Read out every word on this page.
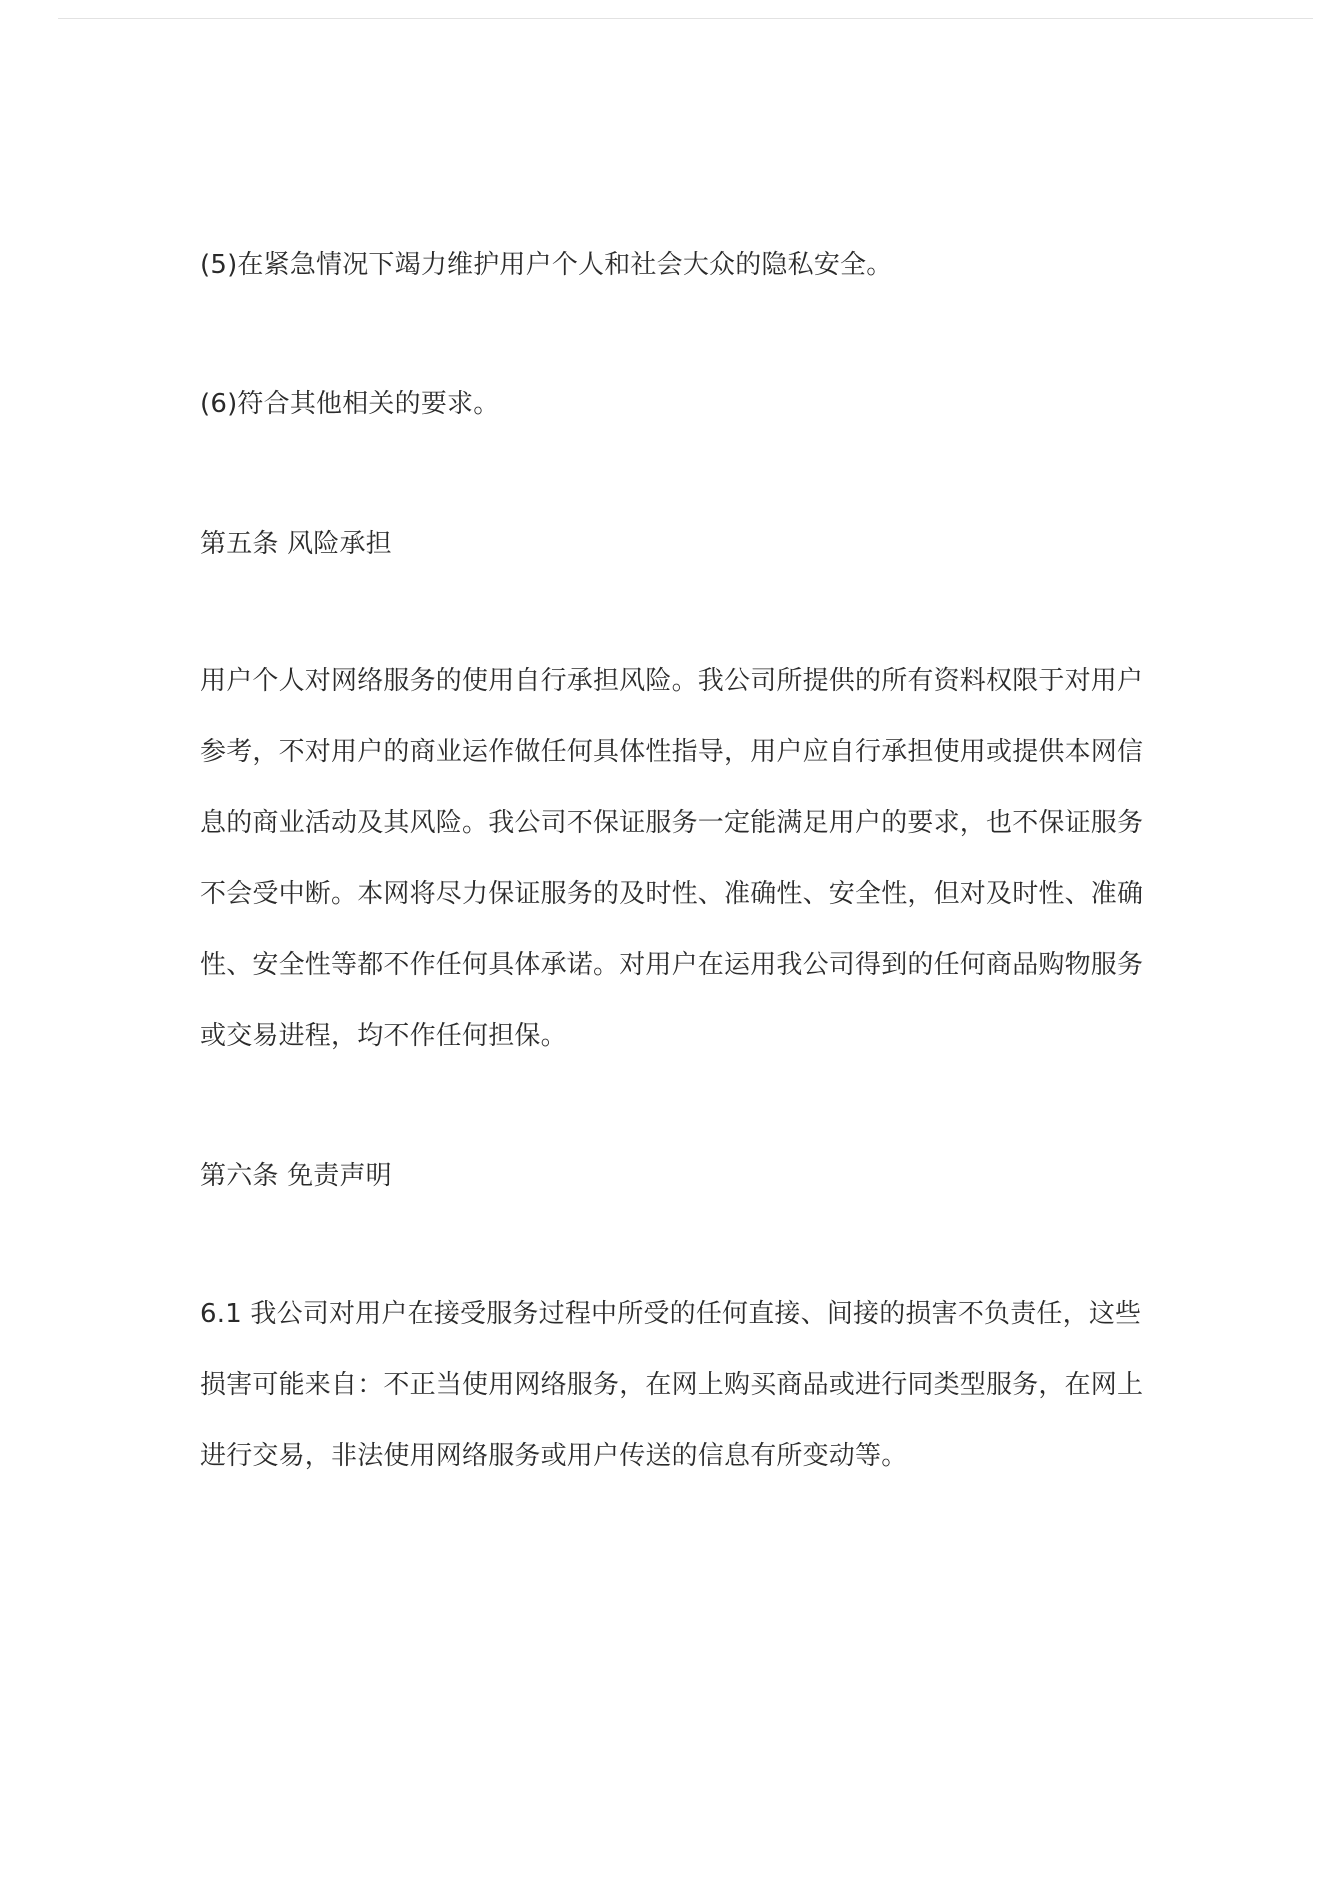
(5)在紧急情况下竭力维护用户个人和社会大众的隐私安全。

(6)符合其他相关的要求。

第五条 风险承担

用户个人对网络服务的使用自行承担风险。我公司所提供的所有资料权限于对用户
参考，不对用户的商业运作做任何具体性指导，用户应自行承担使用或提供本网信
息的商业活动及其风险。我公司不保证服务一定能满足用户的要求，也不保证服务
不会受中断。本网将尽力保证服务的及时性、准确性、安全性，但对及时性、准确
性、安全性等都不作任何具体承诺。对用户在运用我公司得到的任何商品购物服务
或交易进程，均不作任何担保。

第六条 免责声明

6.1 我公司对用户在接受服务过程中所受的任何直接、间接的损害不负责任，这些
损害可能来自：不正当使用网络服务，在网上购买商品或进行同类型服务，在网上
进行交易，非法使用网络服务或用户传送的信息有所变动等。
